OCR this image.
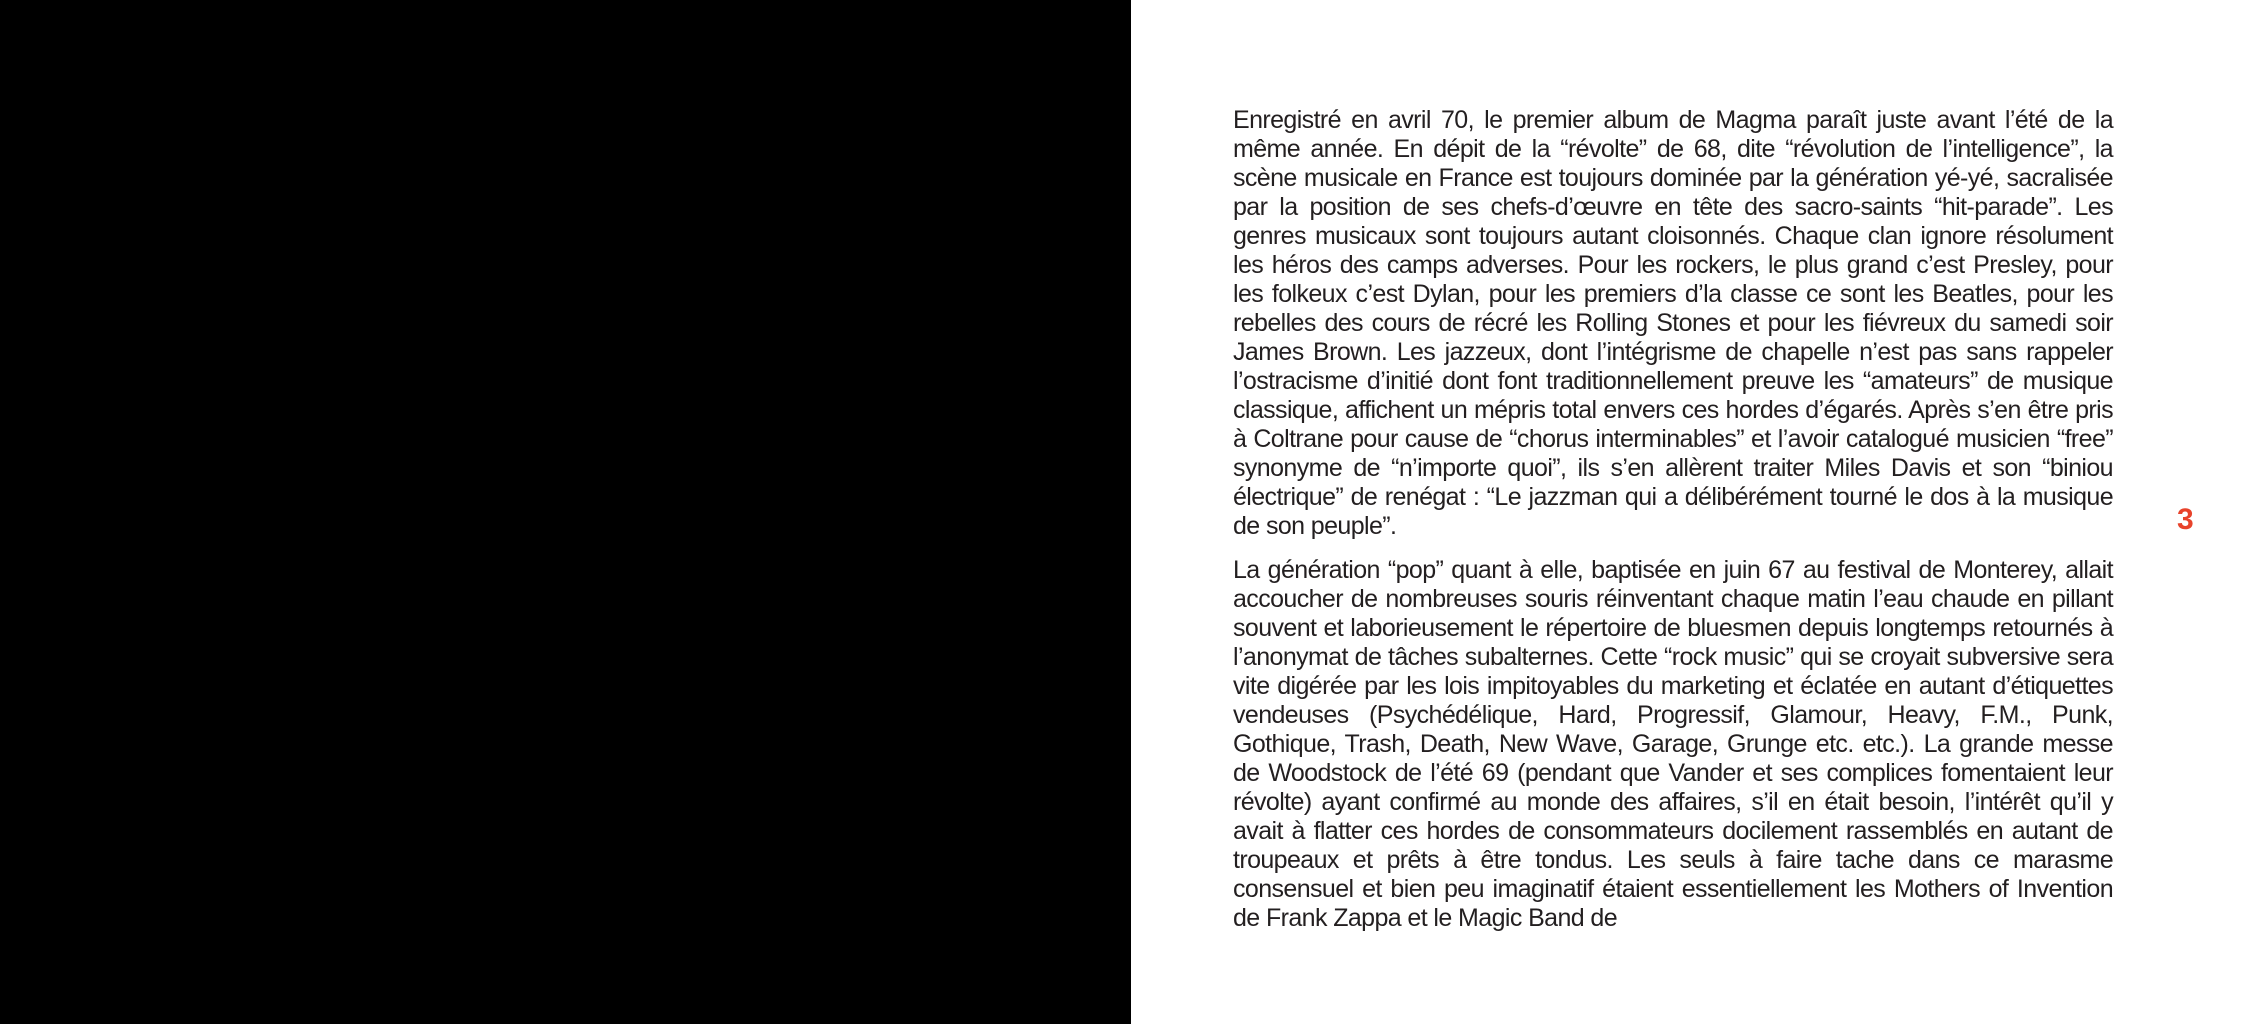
Enregistré en avril 70, le premier album de Magma paraît juste avant l’été de la même année. En dépit de la “révolte” de 68, dite “révolution de l’intelligence”, la scène musicale en France est toujours dominée par la génération yé-yé, sacralisée par la position de ses chefs-d’œuvre en tête des sacro-saints “hit-parade”. Les genres musicaux sont toujours autant cloisonnés. Chaque clan ignore résolument les héros des camps adverses. Pour les rockers, le plus grand c’est Presley, pour les folkeux c’est Dylan, pour les premiers d’la classe ce sont les Beatles, pour les rebelles des cours de récré les Rolling Stones et pour les fiévreux du samedi soir James Brown. Les jazzeux, dont l’intégrisme de chapelle n’est pas sans rappeler l’ostracisme d’initié dont font traditionnellement preuve les “amateurs” de musique classique, affichent un mépris total envers ces hordes d’égarés. Après s’en être pris à Coltrane pour cause de “chorus interminables” et l’avoir catalogué musicien “free” synonyme de “n’importe quoi”, ils s’en allèrent traiter Miles Davis et son “biniou électrique” de renégat : “Le jazzman qui a délibérément tourné le dos à la musique de son peuple”.

La génération “pop” quant à elle, baptisée en juin 67 au festival de Monterey, allait accoucher de nombreuses souris réinventant chaque matin l’eau chaude en pillant souvent et laborieusement le répertoire de bluesmen depuis longtemps retournés à l’anonymat de tâches subalternes. Cette “rock music” qui se croyait subversive sera vite digérée par les lois impitoyables du marketing et éclatée en autant d’étiquettes vendeuses (Psychédélique, Hard, Progressif, Glamour, Heavy, F.M., Punk, Gothique, Trash, Death, New Wave, Garage, Grunge etc. etc.). La grande messe de Woodstock de l’été 69 (pendant que Vander et ses complices fomentaient leur révolte) ayant confirmé au monde des affaires, s’il en était besoin, l’intérêt qu’il y avait à flatter ces hordes de consommateurs docilement rassemblés en autant de troupeaux et prêts à être tondus. Les seuls à faire tache dans ce marasme consensuel et bien peu imaginatif étaient essentiellement les Mothers of Invention de Frank Zappa et le Magic Band de

3
